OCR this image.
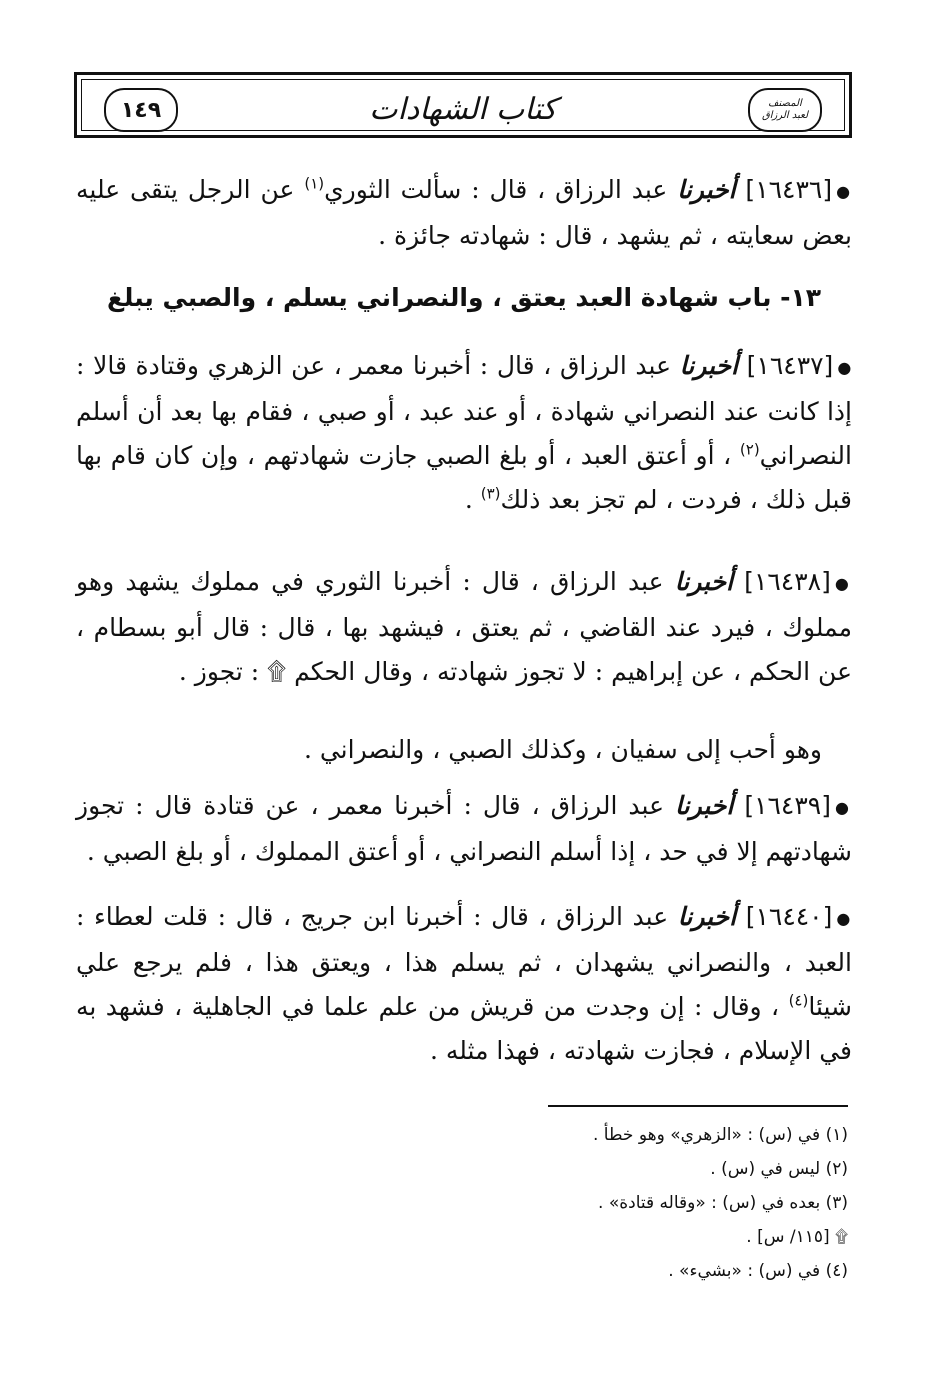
١٤٩	كتاب الشهادات	المصنف
لعبد الرزاق

●[١٦٤٣٦] أخبرنا عبد الرزاق ، قال : سألت الثوري$^{(١)}$ عن الرجل يتقى عليه بعض سعايته ، ثم يشهد ، قال : شهادته جائزة .

١٣- باب شهادة العبد يعتق ، والنصراني يسلم ، والصبي يبلغ

●[١٦٤٣٧] أخبرنا عبد الرزاق ، قال : أخبرنا معمر ، عن الزهري وقتادة قالا : إذا كانت عند النصراني شهادة ، أو عند عبد ، أو صبي ، فقام بها بعد أن أسلم النصراني$^{(٢)}$ ، أو أعتق العبد ، أو بلغ الصبي جازت شهادتهم ، وإن كان قام بها قبل ذلك ، فردت ، لم تجز بعد ذلك$^{(٣)}$ .

●[١٦٤٣٨] أخبرنا عبد الرزاق ، قال : أخبرنا الثوري في مملوك يشهد وهو مملوك ، فيرد عند القاضي ، ثم يعتق ، فيشهد بها ، قال : قال أبو بسطام ، عن الحكم ، عن إبراهيم : لا تجوز شهادته ، وقال الحكم ۩ : تجوز .

وهو أحب إلى سفيان ، وكذلك الصبي ، والنصراني .

●[١٦٤٣٩] أخبرنا عبد الرزاق ، قال : أخبرنا معمر ، عن قتادة قال : تجوز شهادتهم إلا في حد ، إذا أسلم النصراني ، أو أعتق المملوك ، أو بلغ الصبي .

●[١٦٤٤٠] أخبرنا عبد الرزاق ، قال : أخبرنا ابن جريج ، قال : قلت لعطاء : العبد ، والنصراني يشهدان ، ثم يسلم هذا ، ويعتق هذا ، فلم يرجع علي شيئا$^{(٤)}$ ، وقال : إن وجدت من قريش من علم علما في الجاهلية ، فشهد به في الإسلام ، فجازت شهادته ، فهذا مثله .

(١) في (س) : «الزهري» وهو خطأ .
(٢) ليس في (س) .
(٣) بعده في (س) : «وقاله قتادة» .
۩ [١١٥/ س] .
(٤) في (س) : «بشيء» .
